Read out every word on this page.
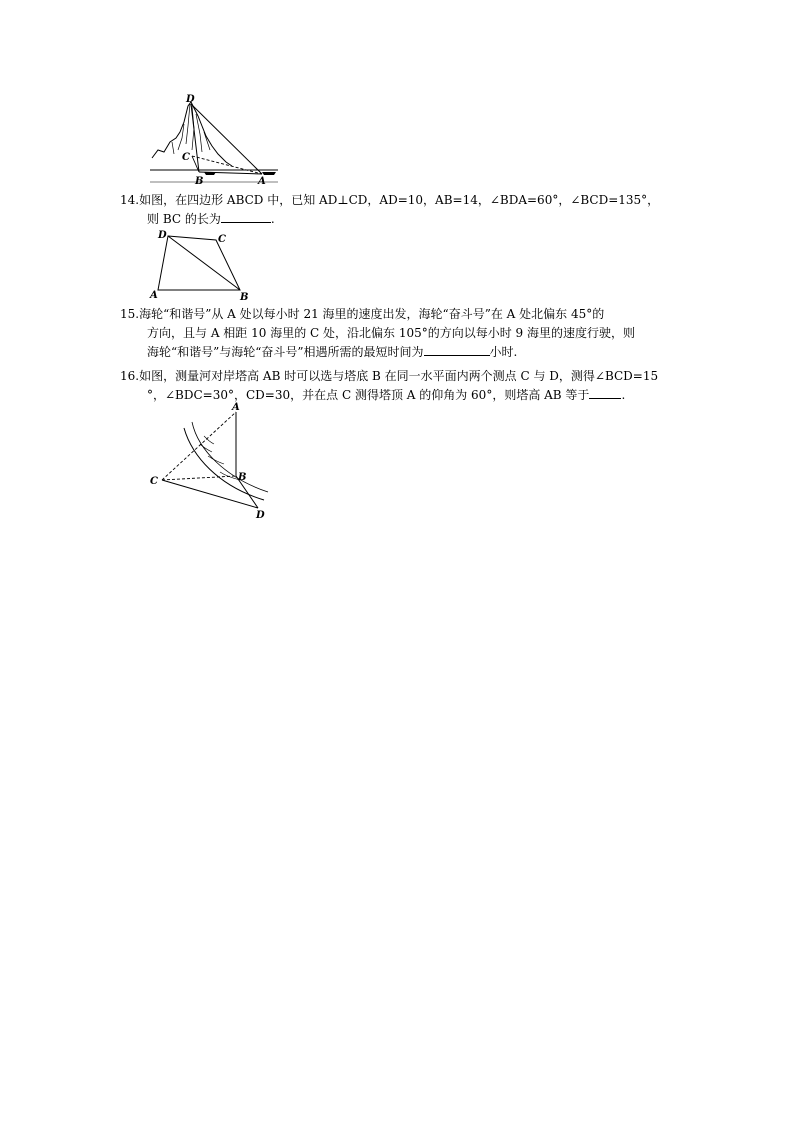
D
C
B	A
14.如图，在四边形 ABCD 中，已知 AD⊥CD，AD=10，AB=14，∠BDA=60°，∠BCD=135°，
则 BC 的长为	.
D	C
A	B
15.海轮“和谐号”从 A 处以每小时 21 海里的速度出发，海轮“奋斗号”在 A 处北偏东 45°的
方向，且与 A 相距 10 海里的 C 处，沿北偏东 105°的方向以每小时 9 海里的速度行驶，则
海轮“和谐号”与海轮“奋斗号”相遇所需的最短时间为	小时.
16.如图，测量河对岸塔高 AB 时可以选与塔底 B 在同一水平面内两个测点 C 与 D，测得∠BCD=15
°，∠BDC=30°，CD=30，并在点 C 测得塔顶 A 的仰角为 60°，则塔高 AB 等于	.
A
B
C
D
